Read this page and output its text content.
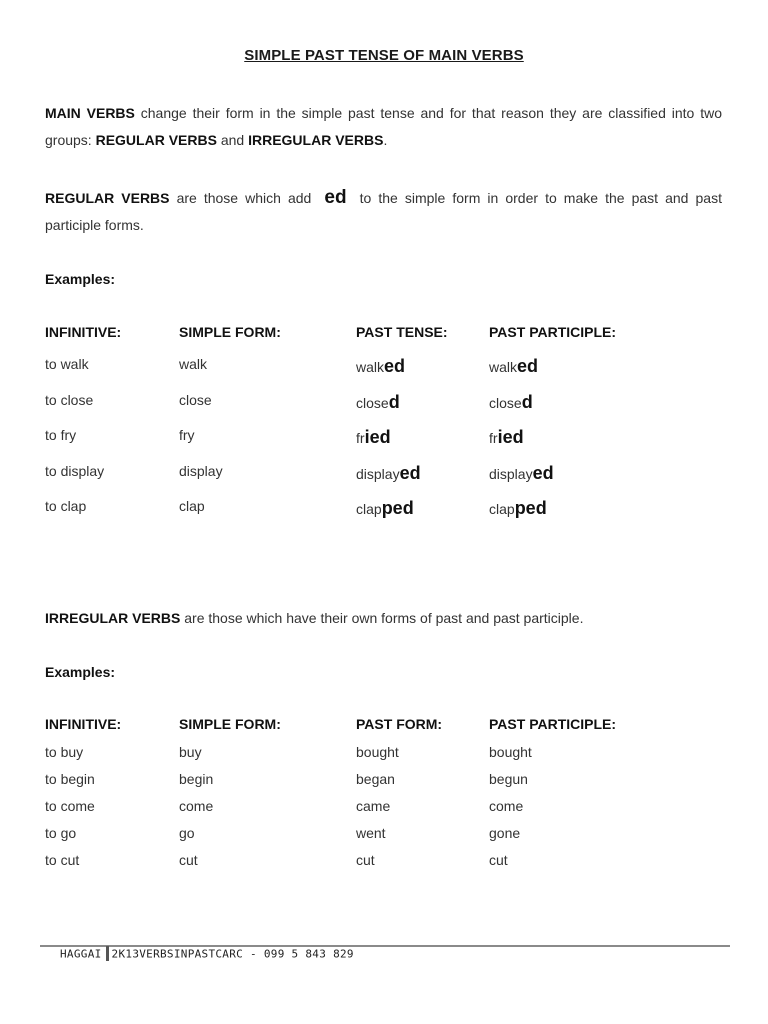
SIMPLE PAST TENSE OF MAIN VERBS
MAIN VERBS change their form in the simple past tense and for that reason they are classified into two groups: REGULAR VERBS and IRREGULAR VERBS.
REGULAR VERBS are those which add ed to the simple form in order to make the past and past participle forms.
Examples:
INFINITIVE:	SIMPLE FORM:	PAST TENSE:	PAST PARTICIPLE:
to walk	walk	walked	walked
to close	close	closed	closed
to fry	fry	fried	fried
to display	display	displayed	displayed
to clap	clap	clapped	clapped
IRREGULAR VERBS are those which have their own forms of past and past participle.
Examples:
INFINITIVE:	SIMPLE FORM:	PAST FORM:	PAST PARTICIPLE:
to buy	buy	bought	bought
to begin	begin	began	begun
to come	come	came	come
to go	go	went	gone
to cut	cut	cut	cut
HAGGAI 2K13VERBSINPASTCARC - 099 5 843 829
